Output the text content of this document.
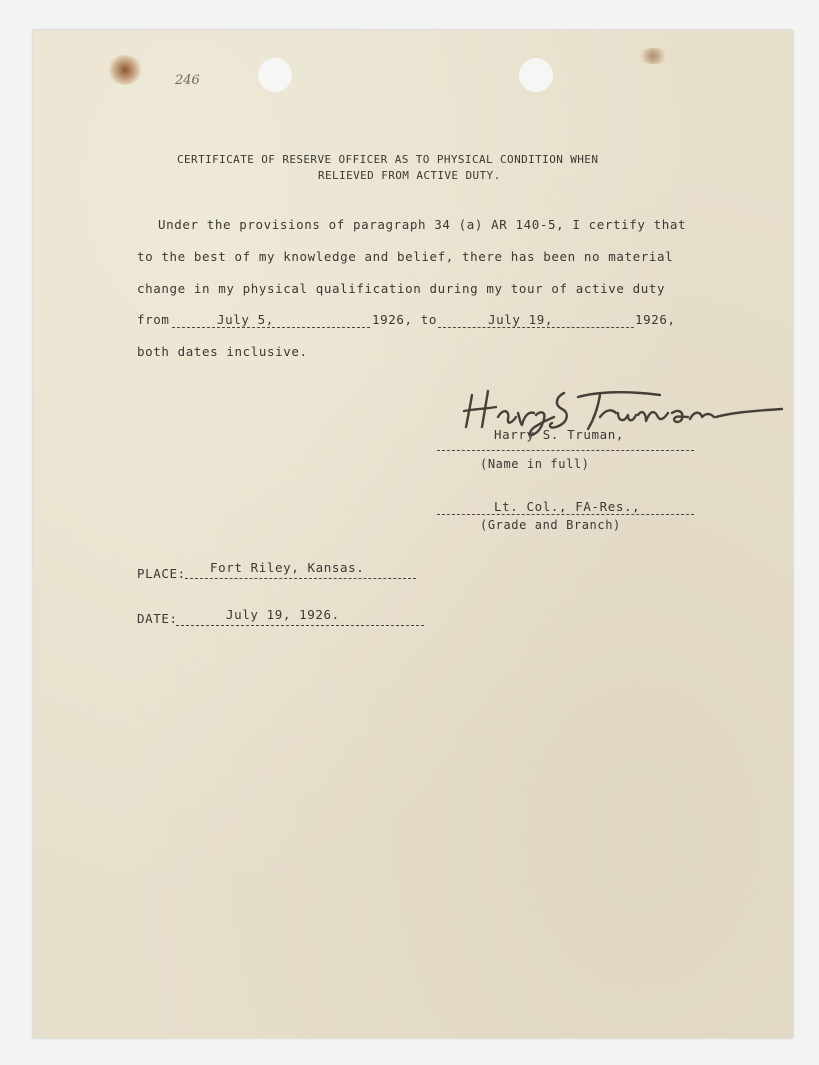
246
CERTIFICATE OF RESERVE OFFICER AS TO PHYSICAL CONDITION WHEN
RELIEVED FROM ACTIVE DUTY.
Under the provisions of paragraph 34 (a) AR 140-5, I certify that
to the best of my knowledge and belief, there has been no material
change in my physical qualification during my tour of active duty
from	July 5,	1926, to	July 19,	1926,
both dates inclusive.
Harry S. Truman,
(Name in full)
Lt. Col., FA-Res.,
(Grade and Branch)
PLACE: Fort Riley, Kansas.
DATE:	July 19, 1926.
